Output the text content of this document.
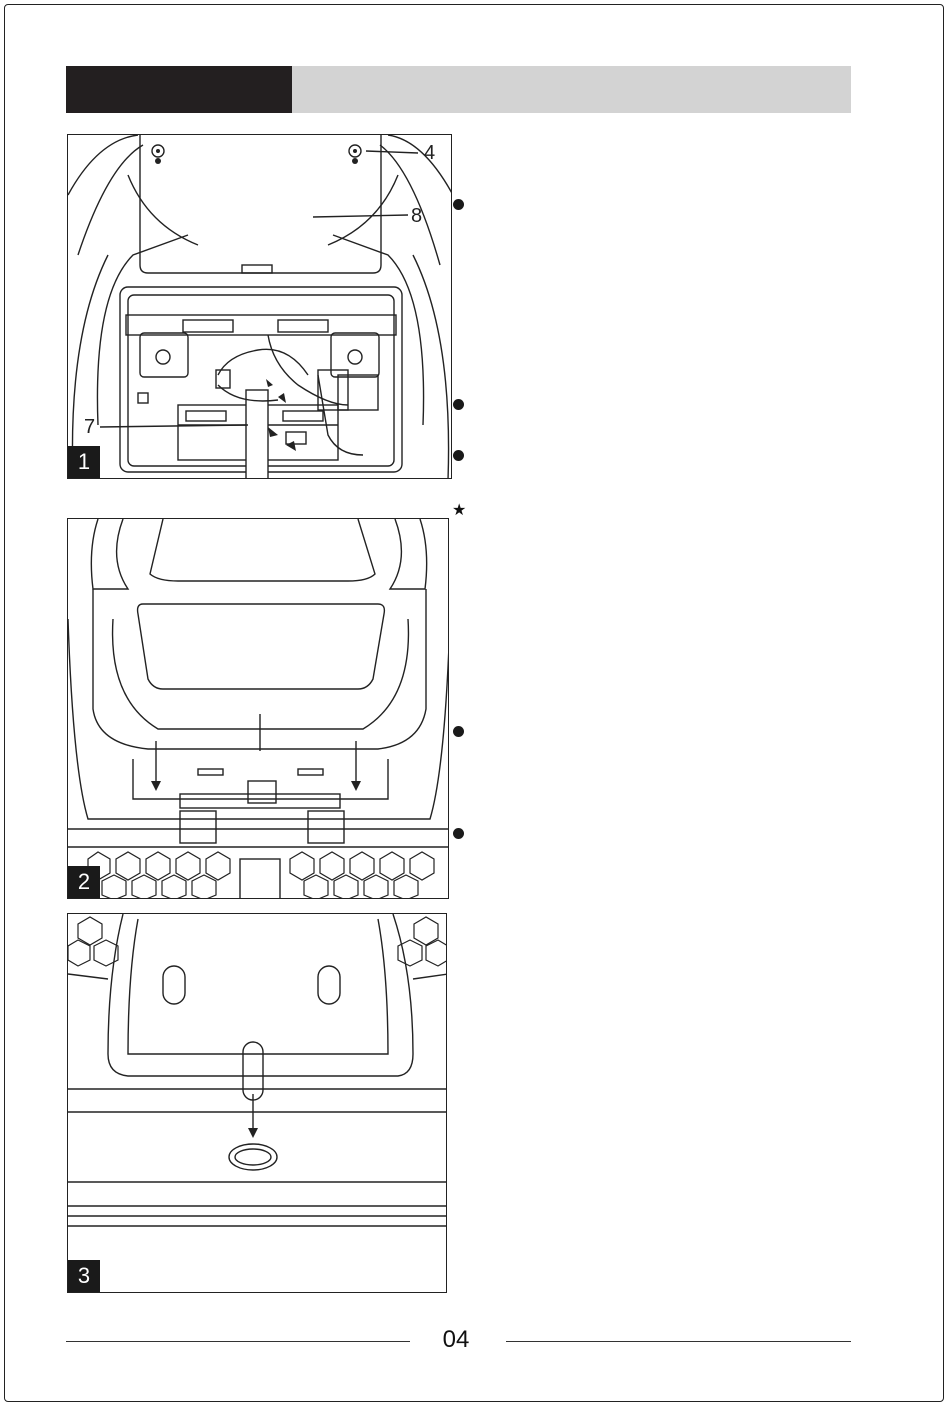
4
8
7
1
2
3
★
04
